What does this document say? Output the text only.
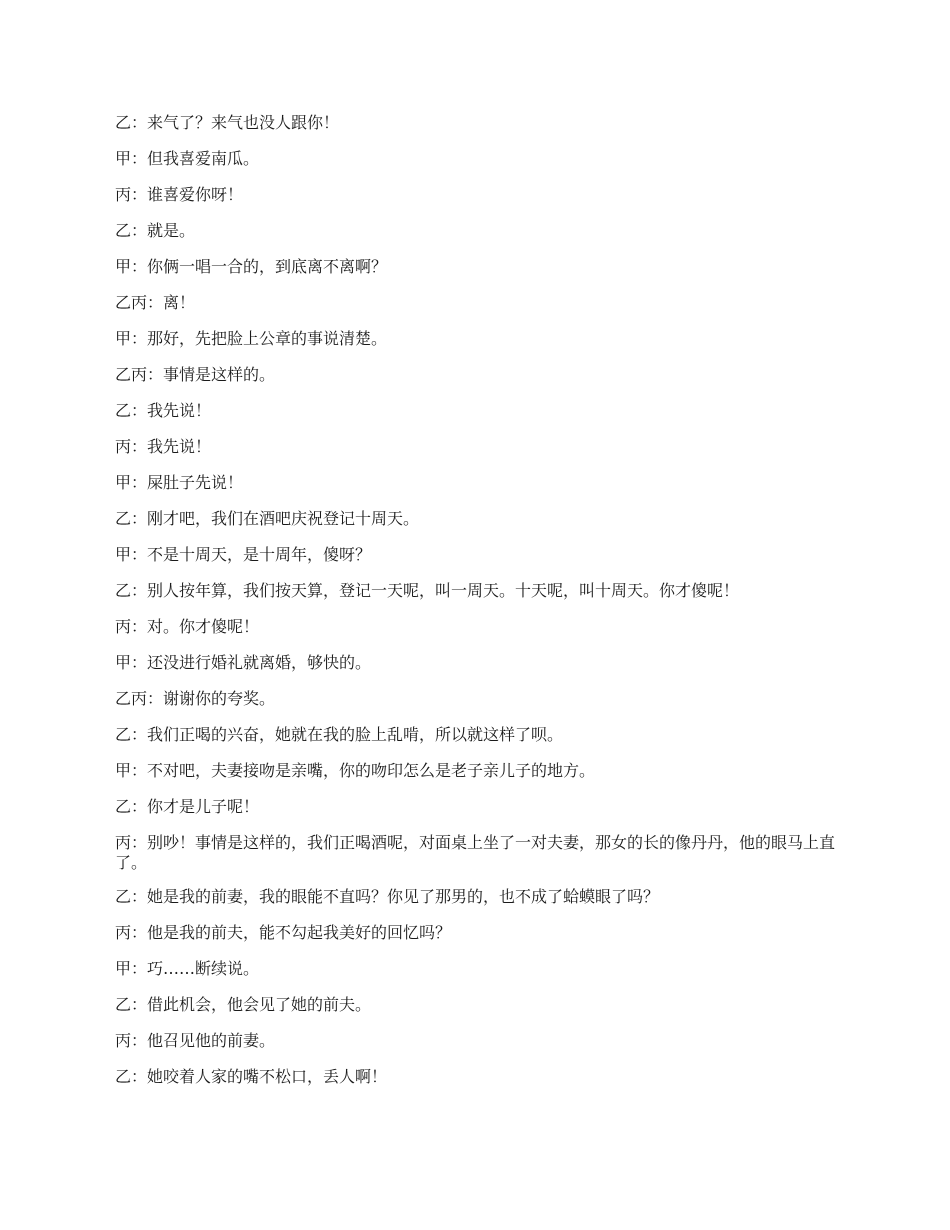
乙：来气了？来气也没人跟你！

甲：但我喜爱南瓜。

丙：谁喜爱你呀！

乙：就是。

甲：你俩一唱一合的，到底离不离啊？

乙丙：离！

甲：那好，先把脸上公章的事说清楚。

乙丙：事情是这样的。

乙：我先说！

丙：我先说！

甲：屎肚子先说！

乙：刚才吧，我们在酒吧庆祝登记十周天。

甲：不是十周天，是十周年，傻呀？

乙：别人按年算，我们按天算，登记一天呢，叫一周天。十天呢，叫十周天。你才傻呢！

丙：对。你才傻呢！

甲：还没进行婚礼就离婚，够快的。

乙丙：谢谢你的夸奖。

乙：我们正喝的兴奋，她就在我的脸上乱啃，所以就这样了呗。

甲：不对吧，夫妻接吻是亲嘴，你的吻印怎么是老子亲儿子的地方。

乙：你才是儿子呢！

丙：别吵！事情是这样的，我们正喝酒呢，对面桌上坐了一对夫妻，那女的长的像丹丹，他的眼马上直了。

乙：她是我的前妻，我的眼能不直吗？你见了那男的，也不成了蛤蟆眼了吗？

丙：他是我的前夫，能不勾起我美好的回忆吗？

甲：巧……断续说。

乙：借此机会，他会见了她的前夫。

丙：他召见他的前妻。

乙：她咬着人家的嘴不松口，丢人啊！
